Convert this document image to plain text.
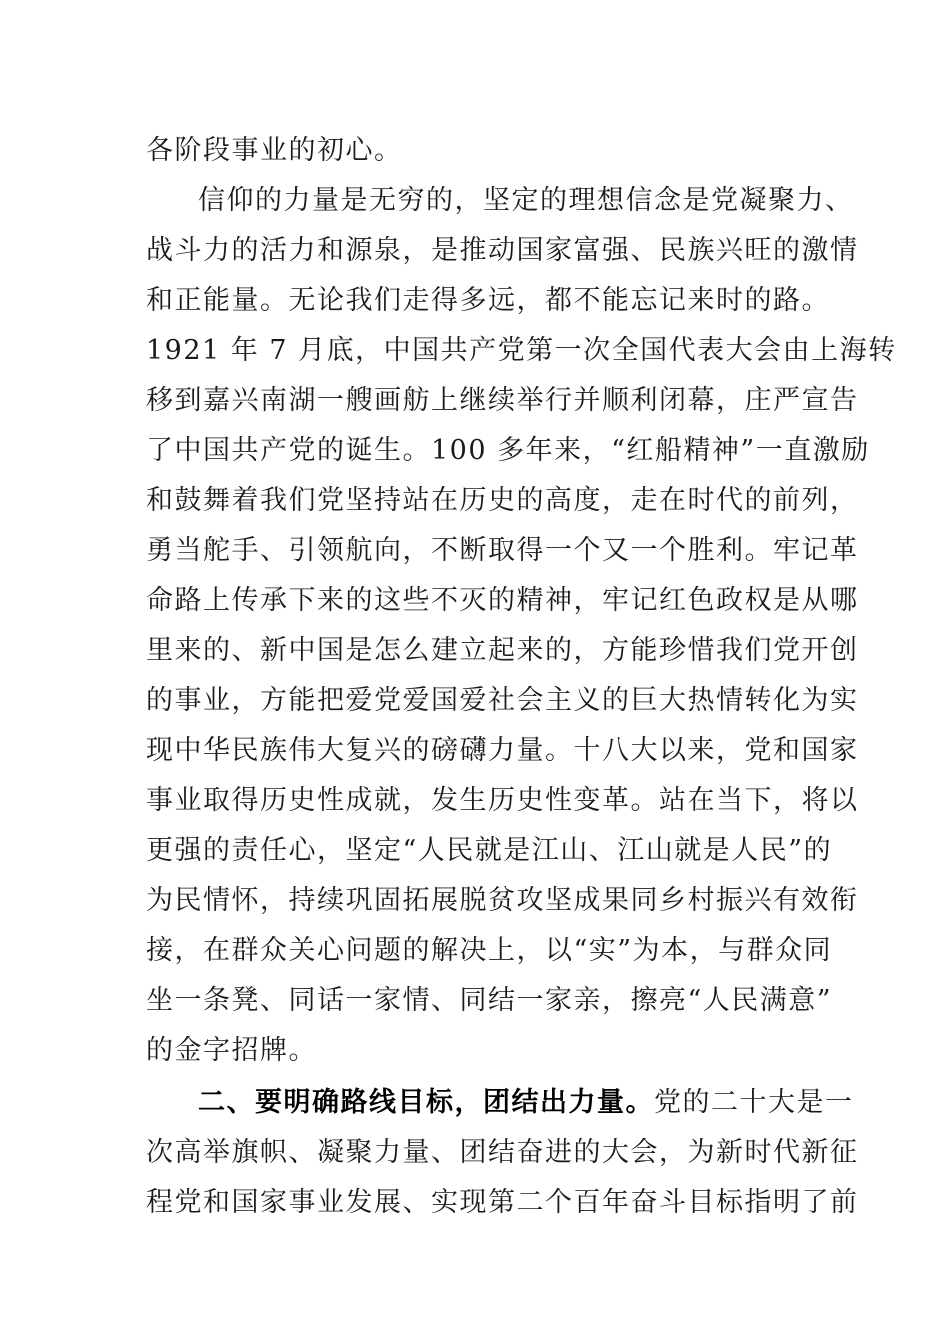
各阶段事业的初心。
信仰的力量是无穷的，坚定的理想信念是党凝聚力、
战斗力的活力和源泉，是推动国家富强、民族兴旺的激情
和正能量。无论我们走得多远，都不能忘记来时的路。
1921 年 7 月底，中国共产党第一次全国代表大会由上海转
移到嘉兴南湖一艘画舫上继续举行并顺利闭幕，庄严宣告
了中国共产党的诞生。100 多年来，“红船精神”一直激励
和鼓舞着我们党坚持站在历史的高度，走在时代的前列，
勇当舵手、引领航向，不断取得一个又一个胜利。牢记革
命路上传承下来的这些不灭的精神，牢记红色政权是从哪
里来的、新中国是怎么建立起来的，方能珍惜我们党开创
的事业，方能把爱党爱国爱社会主义的巨大热情转化为实
现中华民族伟大复兴的磅礴力量。十八大以来，党和国家
事业取得历史性成就，发生历史性变革。站在当下，将以
更强的责任心，坚定“人民就是江山、江山就是人民”的
为民情怀，持续巩固拓展脱贫攻坚成果同乡村振兴有效衔
接，在群众关心问题的解决上，以“实”为本，与群众同
坐一条凳、同话一家情、同结一家亲，擦亮“人民满意”
的金字招牌。
二、要明确路线目标，团结出力量。党的二十大是一
次高举旗帜、凝聚力量、团结奋进的大会，为新时代新征
程党和国家事业发展、实现第二个百年奋斗目标指明了前
